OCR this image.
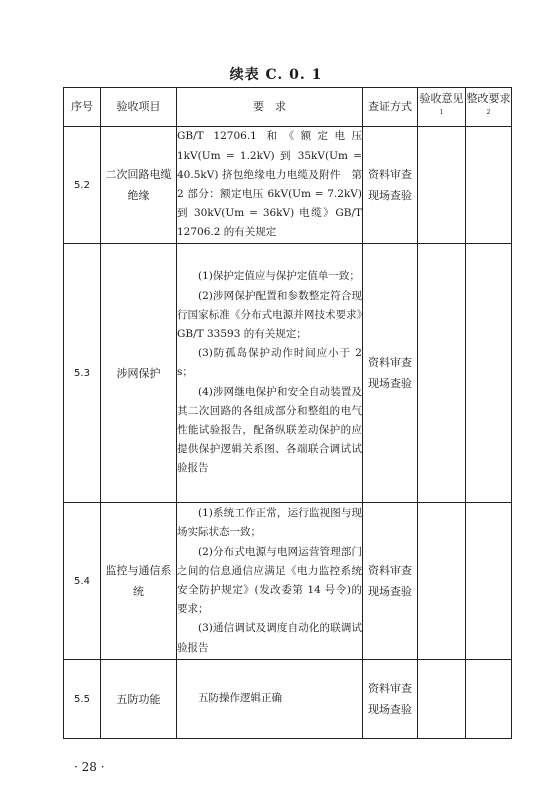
续表 C. 0. 1
序号	验收项目	要　求	查证方式	验收意见$^1$	整改要求$^2$
5.2	二次回路电缆绝缘	GB/T 12706.1 和《额定电压 1kV(Um = 1.2kV) 到 35kV(Um = 40.5kV) 挤包绝缘电力电缆及附件　第 2 部分：额定电压 6kV(Um = 7.2kV) 到 30kV(Um = 36kV) 电缆》GB/T 12706.2 的有关规定	资料审查现场查验		
5.3	涉网保护	(1)保护定值应与保护定值单一致；

(2)涉网保护配置和参数整定符合现行国家标准《分布式电源并网技术要求》GB/T 33593 的有关规定；

(3)防孤岛保护动作时间应小于 2 s；

(4)涉网继电保护和安全自动装置及其二次回路的各组成部分和整组的电气性能试验报告，配备纵联差动保护的应提供保护逻辑关系图、各端联合调试试验报告	资料审查现场查验		
5.4	监控与通信系统	(1)系统工作正常，运行监视图与现场实际状态一致；

(2)分布式电源与电网运营管理部门之间的信息通信应满足《电力监控系统安全防护规定》(发改委第 14 号令)的要求；

(3)通信调试及调度自动化的联调试验报告	资料审查现场查验		
5.5	五防功能	五防操作逻辑正确	资料审查现场查验		
· 28 ·
